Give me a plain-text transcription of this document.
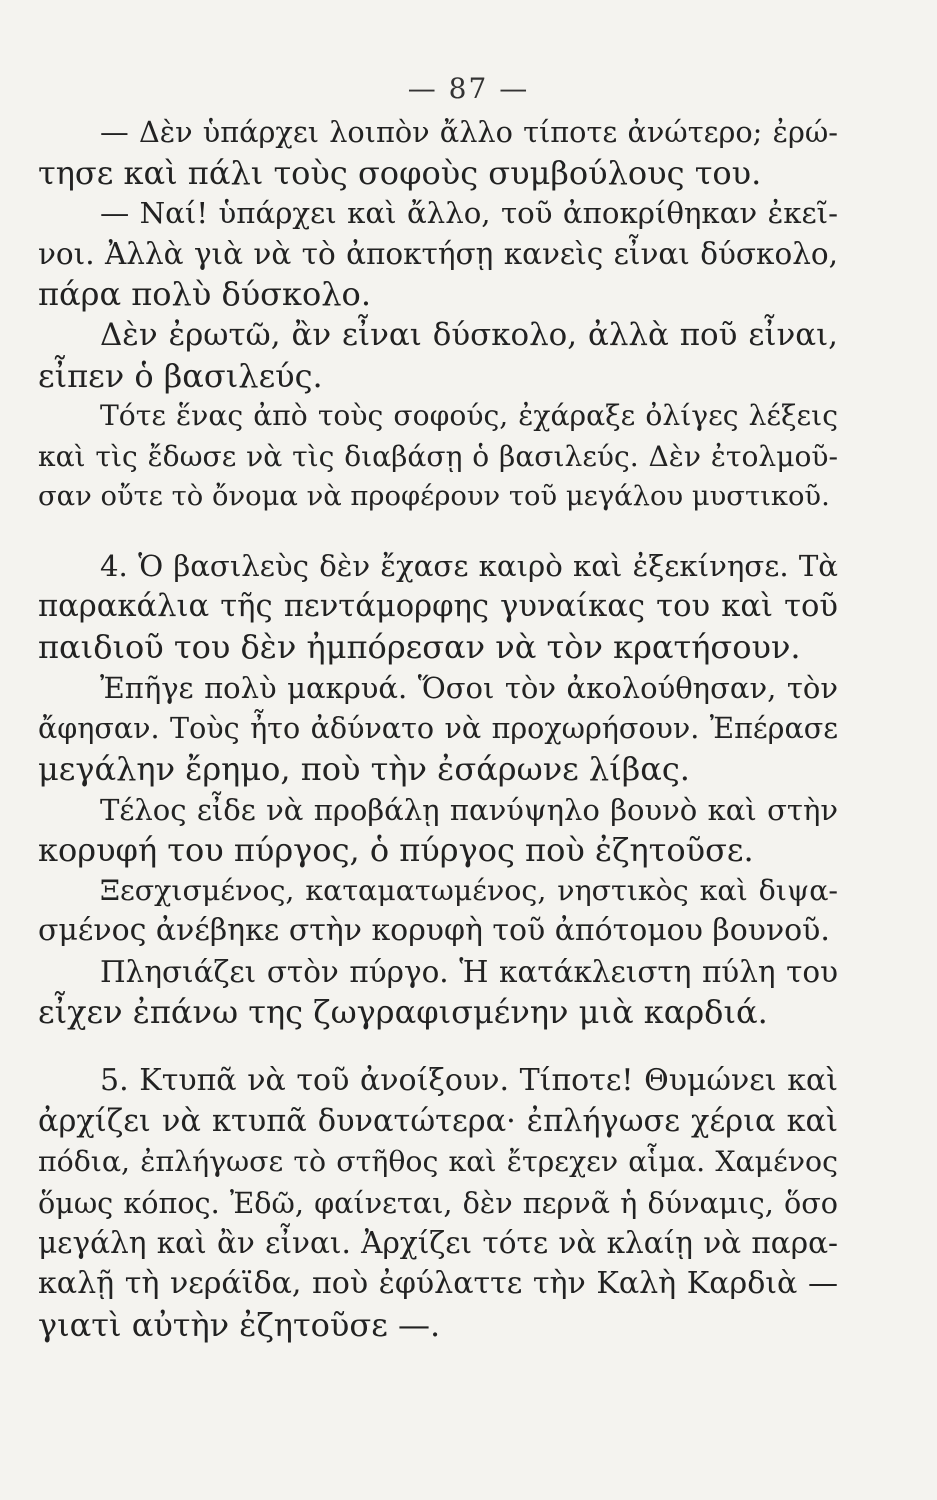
— 87 —
— Δὲν ὑπάρχει λοιπὸν ἄλλο τίποτε ἀνώτερο; ἐρώ-
τησε καὶ πάλι τοὺς σοφοὺς συμβούλους του.
— Ναί! ὑπάρχει καὶ ἄλλο, τοῦ ἀποκρίθηκαν ἐκεῖ-
νοι. Ἀλλὰ γιὰ νὰ τὸ ἀποκτήσῃ κανεὶς εἶναι δύσκολο,
πάρα πολὺ δύσκολο.
Δὲν ἐρωτῶ, ἂν εἶναι δύσκολο, ἀλλὰ ποῦ εἶναι,
εἶπεν ὁ βασιλεύς.
Τότε ἕνας ἀπὸ τοὺς σοφούς, ἐχάραξε ὀλίγες λέξεις
καὶ τὶς ἔδωσε νὰ τὶς διαβάσῃ ὁ βασιλεύς. Δὲν ἐτολμοῦ-
σαν οὔτε τὸ ὄνομα νὰ προφέρουν τοῦ μεγάλου μυστικοῦ.
4. Ὁ βασιλεὺς δὲν ἔχασε καιρὸ καὶ ἐξεκίνησε. Τὰ
παρακάλια τῆς πεντάμορφης γυναίκας του καὶ τοῦ
παιδιοῦ του δὲν ἠμπόρεσαν νὰ τὸν κρατήσουν.
Ἐπῆγε πολὺ μακρυά. Ὅσοι τὸν ἀκολούθησαν, τὸν
ἄφησαν. Τοὺς ἦτο ἀδύνατο νὰ προχωρήσουν. Ἐπέρασε
μεγάλην ἔρημο, ποὺ τὴν ἐσάρωνε λίβας.
Τέλος εἶδε νὰ προβάλῃ πανύψηλο βουνὸ καὶ στὴν
κορυφή του πύργος, ὁ πύργος ποὺ ἐζητοῦσε.
Ξεσχισμένος, καταματωμένος, νηστικὸς καὶ διψα-
σμένος ἀνέβηκε στὴν κορυφὴ τοῦ ἀπότομου βουνοῦ.
Πλησιάζει στὸν πύργο. Ἡ κατάκλειστη πύλη του
εἶχεν ἐπάνω της ζωγραφισμένην μιὰ καρδιά.
5. Κτυπᾶ νὰ τοῦ ἀνοίξουν. Τίποτε! Θυμώνει καὶ
ἀρχίζει νὰ κτυπᾶ δυνατώτερα· ἐπλήγωσε χέρια καὶ
πόδια, ἐπλήγωσε τὸ στῆθος καὶ ἔτρεχεν αἷμα. Χαμένος
ὅμως κόπος. Ἐδῶ, φαίνεται, δὲν περνᾶ ἡ δύναμις, ὅσο
μεγάλη καὶ ἂν εἶναι. Ἀρχίζει τότε νὰ κλαίῃ νὰ παρα-
καλῇ τὴ νεράϊδα, ποὺ ἐφύλαττε τὴν Καλὴ Καρδιὰ —
γιατὶ αὐτὴν ἐζητοῦσε —.
